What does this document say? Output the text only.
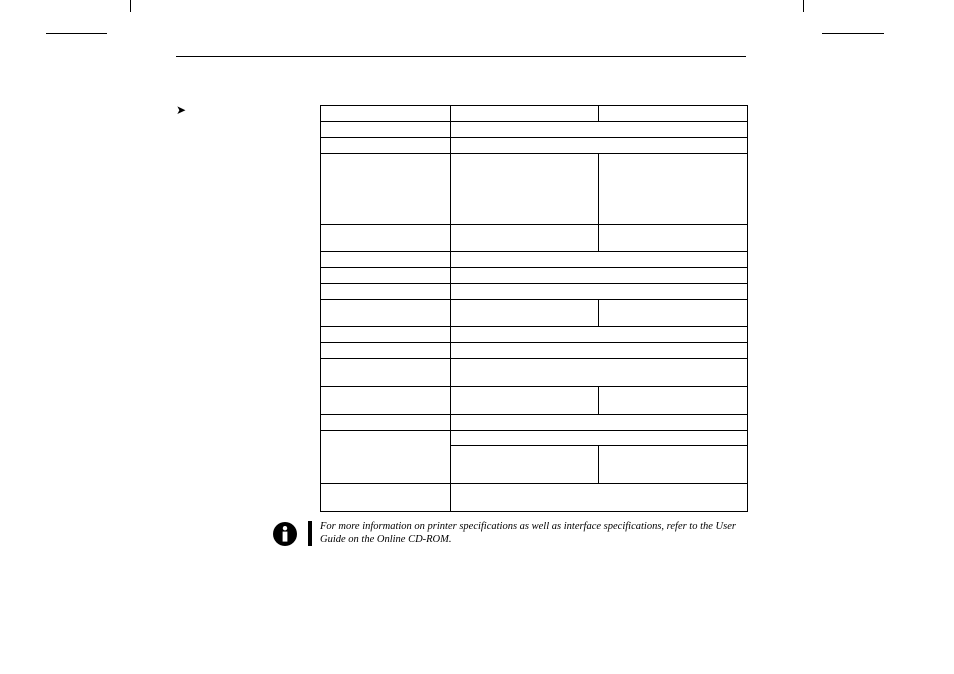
➤

For more information on printer specifications as well as interface specifications, refer to the User Guide on the Online CD-ROM.
